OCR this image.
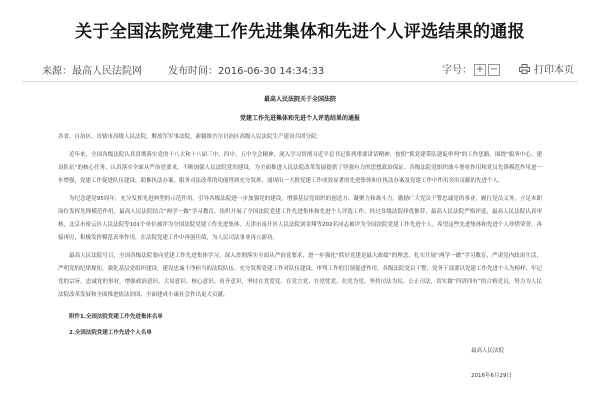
关于全国法院党建工作先进集体和先进个人评选结果的通报
来源：最高人民法院网	发布时间：2016-06-30 14:34:33	字号： + −	打印本页
最高人民法院关于全国法院
党建工作先进集体和先进个人评选结果的通报
各省、自治区、直辖市高级人民法院，解放军军事法院，新疆维吾尔自治区高级人民法院生产建设兵团分院：

近年来，全国各级法院认真贯彻落实党的十八大和十八届三中、四中、五中全会精神，深入学习贯彻习近平总书记系列重要讲话精神，按照“抓党建带队建促审判”的工作思路，围绕“服务中心、建设队伍”的核心任务，认真落实全面从严治党要求，不断加强人民法院党的建设，为全面推进人民法院改革发展提供了坚强有力的思想政治保证。各级法院党组织战斗堡垒作用和党员先锋模范作用进一步增强，党建工作促进队伍建设、助推执法办案、服务司法改革的功能得到充分发挥，涌现出一大批党建工作成效显著的先进集体和在执法办案及党建工作中作出突出贡献的先进个人。

为纪念建党95周年，充分发挥先进典型的示范作用，引导各级法院进一步加强党的建设，增强基层党组织的创造力、凝聚力和战斗力，激励广大党员干警忠诚党的事业，履行党员义务，立足本职岗位发挥先锋模范作用，最高人民法院结合“两学一做”学习教育，组织开展了全国法院党建工作先进集体和先进个人评选工作。经过各级法院择优推荐，最高人民法院严格评选，最高人民法院认真审核，北京市密云区人民法院等101个单位被评为全国法院党建工作先进集体，天津市南开区人民法院刘金翔等202名同志被评为全国法院党建工作先进个人。希望这些先进集体和先进个人珍惜荣誉，再接再厉，积极发挥模范表率作用，在法院党建工作中再创佳绩，为人民司法事业再立新功。

最高人民法院号召，全国各级法院要向党建工作先进集体学习，深入贯彻落实全面从严治党要求，进一步强化“抓好党建是最大政绩”的理念，扎实开展“两学一做”学习教育，严肃党内政治生活，严明党的纪律规矩，强化基层党组织建设，建设忠诚干净担当的法院队伍。充分发挥党建工作对队伍建设、审判工作的引领促进作用。各级法院党员干警，党务干部要以党建工作先进个人为榜样，牢记党的宗旨，忠诚党的事业，增强政治意识、大局意识、核心意识、看齐意识，坚持在党爱党、在党言党、在党忧党、在党为党，坚持司法为民、公正司法，切实做“四讲四有”的合格党员，努力为人民法院改革发展和全面推进依法治国、全面建成小康社会作出更大贡献。

附件1.全国法院党建工作先进集体名单
2.全国法院党建工作先进个人名单
最高人民法院
2016年6月29日
